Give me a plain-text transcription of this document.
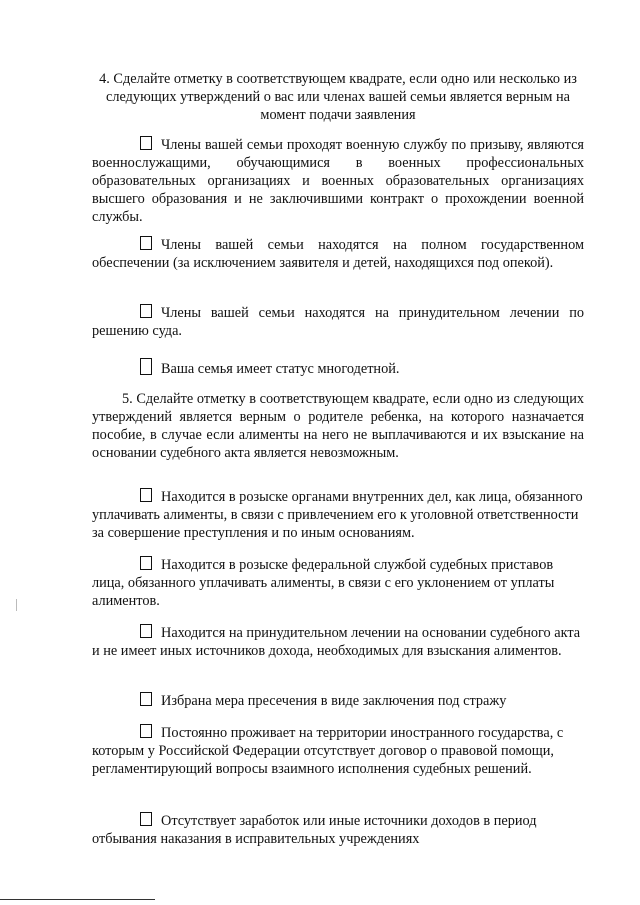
4. Сделайте отметку в соответствующем квадрате, если одно или несколько из следующих утверждений о вас или членах вашей семьи является верным на момент подачи заявления

Члены вашей семьи проходят военную службу по призыву, являются военнослужащими, обучающимися в военных профессиональных образовательных организациях и военных образовательных организациях высшего образования и не заключившими контракт о прохождении военной службы.

Члены вашей семьи находятся на полном государственном обеспечении (за исключением заявителя и детей, находящихся под опекой).

Члены вашей семьи находятся на принудительном лечении по решению суда.

Ваша семья имеет статус многодетной.

5. Сделайте отметку в соответствующем квадрате, если одно из следующих утверждений является верным о родителе ребенка, на которого назначается пособие, в случае если алименты на него не выплачиваются и их взыскание на основании судебного акта является невозможным.

Находится в розыске органами внутренних дел, как лица, обязанного уплачивать алименты, в связи с привлечением его к уголовной ответственности за совершение преступления и по иным основаниям.

Находится в розыске федеральной службой судебных приставов лица, обязанного уплачивать алименты, в связи с его уклонением от уплаты алиментов.

Находится на принудительном лечении на основании судебного акта и не имеет иных источников дохода, необходимых для взыскания алиментов.

Избрана мера пресечения в виде заключения под стражу

Постоянно проживает на территории иностранного государства, с которым у Российской Федерации отсутствует договор о правовой помощи, регламентирующий вопросы взаимного исполнения судебных решений.

Отсутствует заработок или иные источники доходов в период отбывания наказания в исправительных учреждениях
